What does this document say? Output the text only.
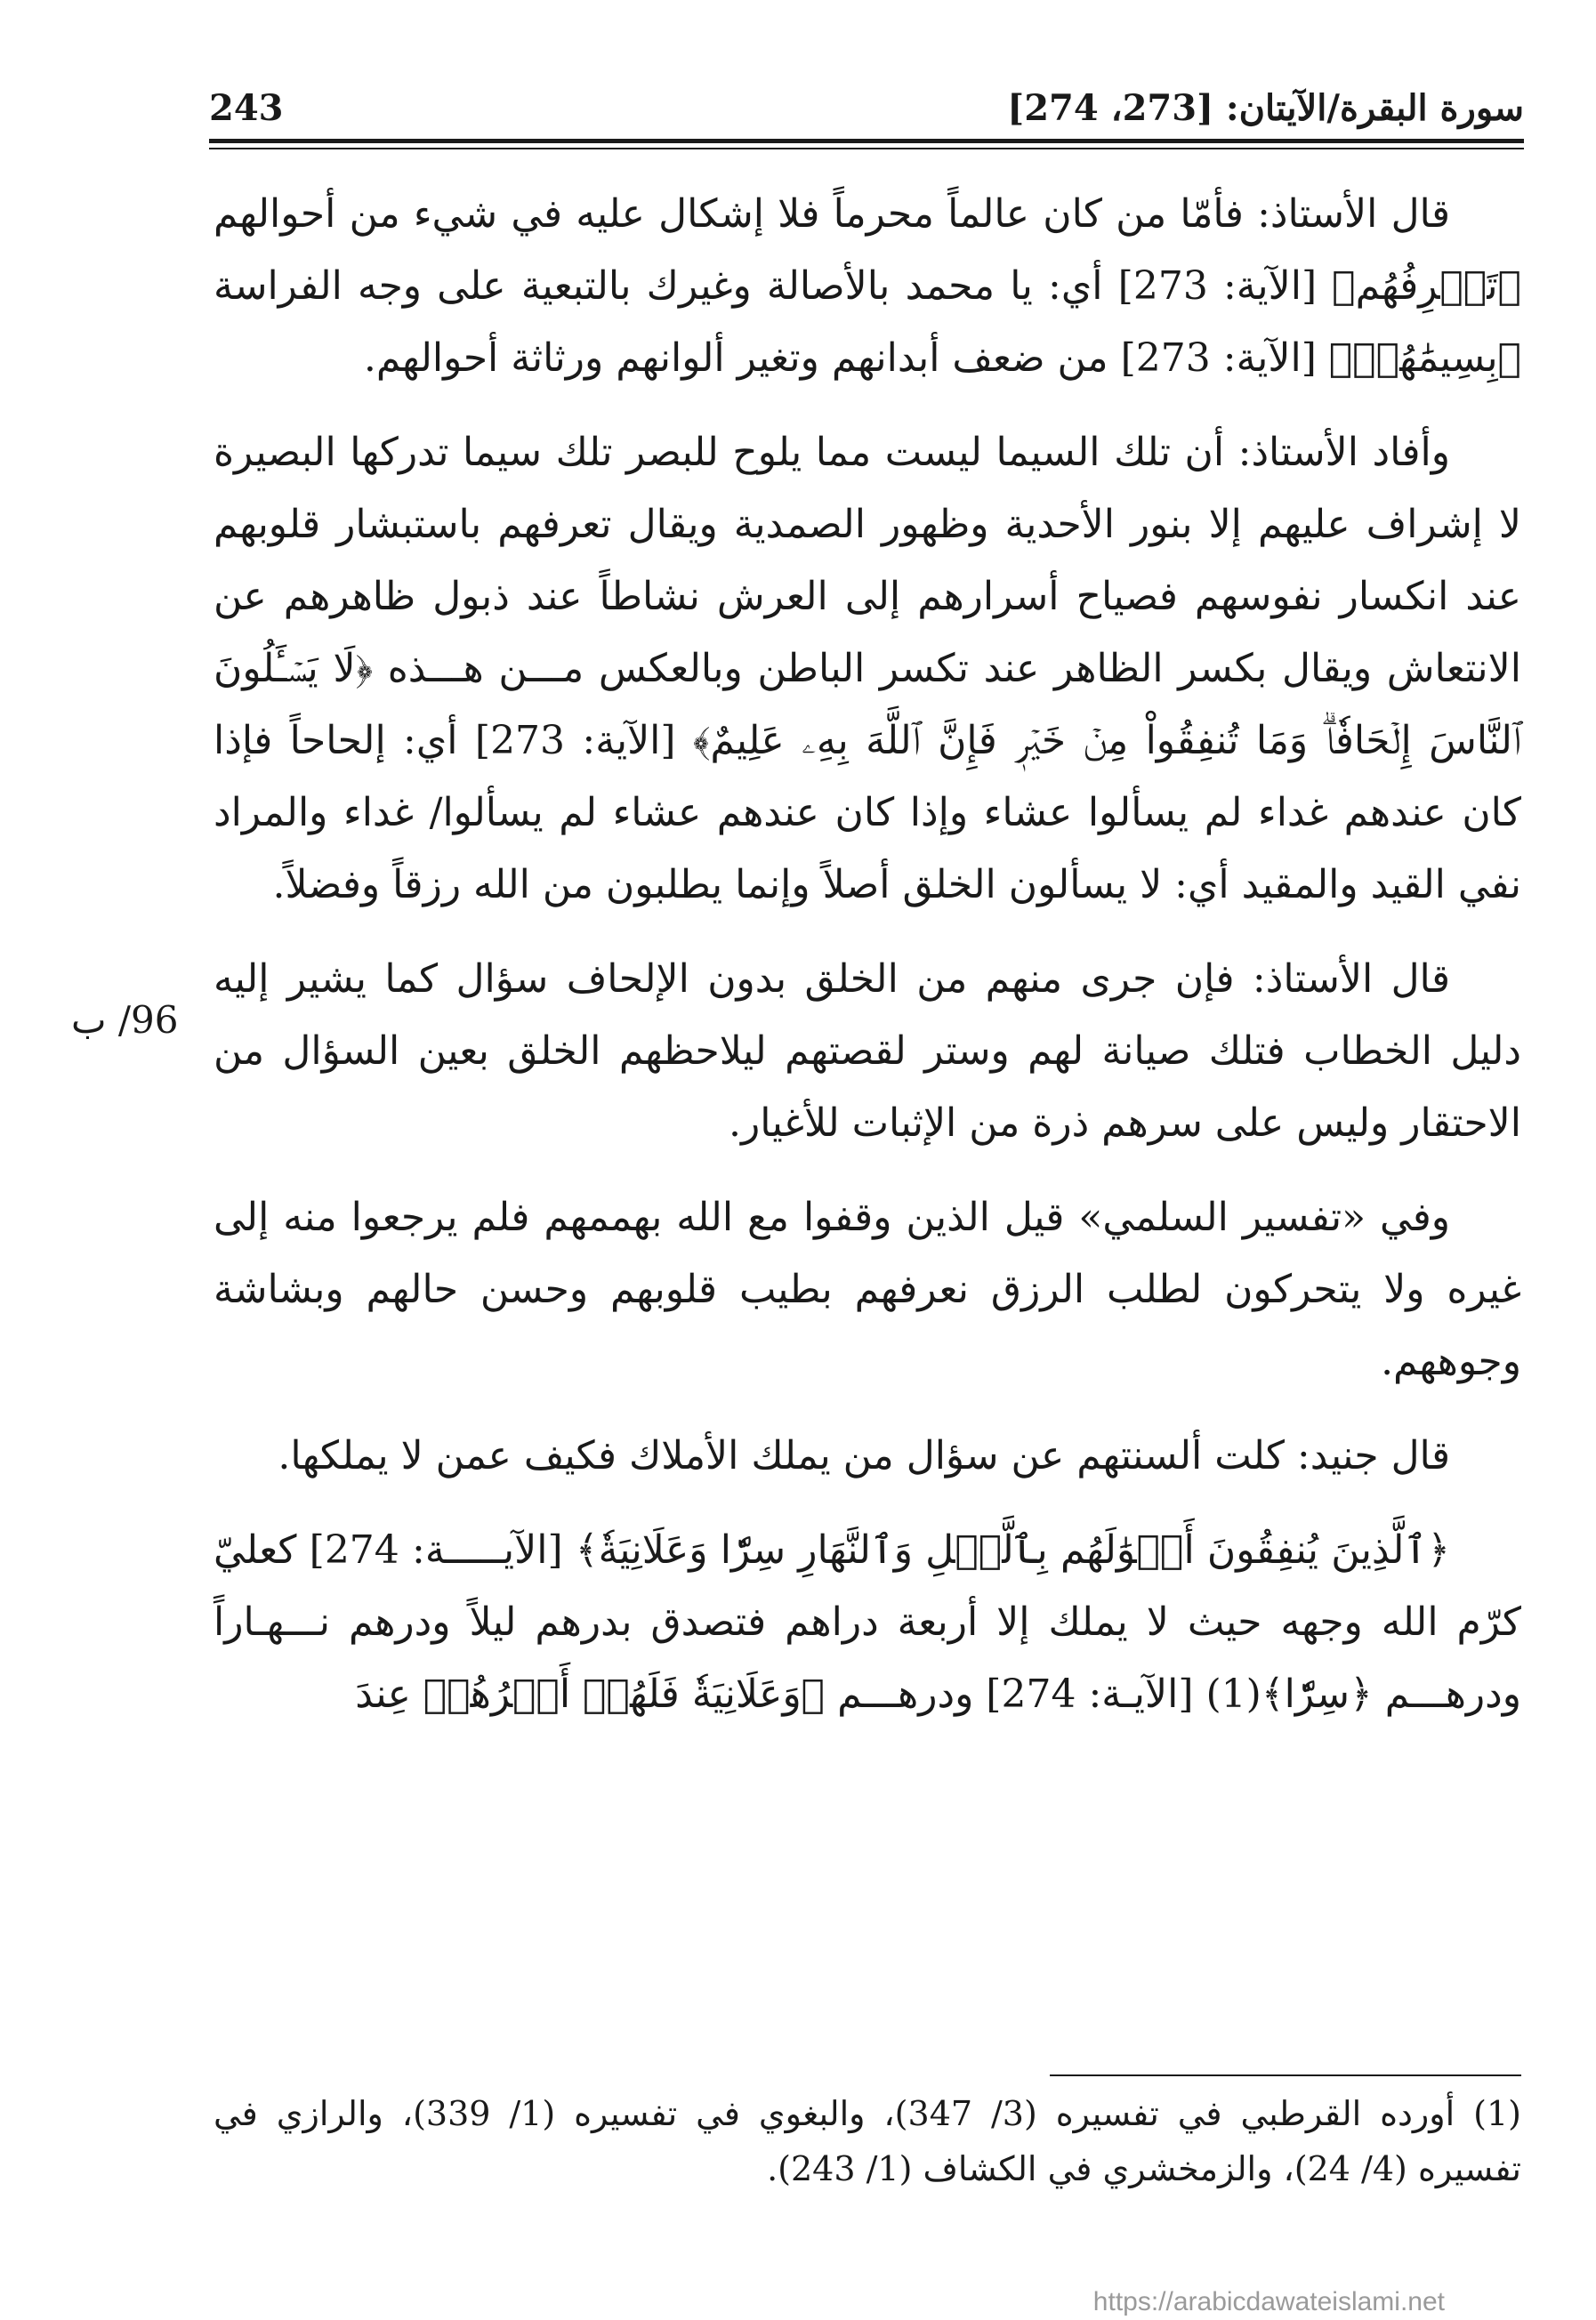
سورة البقرة/الآيتان: [273، 274]
243
96/ ب

قال الأستاذ: فأمّا من كان عالماً محرماً فلا إشكال عليه في شيء من أحوالهم ﴿تَعۡرِفُهُم﴾ [الآية: 273] أي: يا محمد بالأصالة وغيرك بالتبعية على وجه الفراسة ﴿بِسِيمَٰهُمۡ﴾ [الآية: 273] من ضعف أبدانهم وتغير ألوانهم ورثاثة أحوالهم.

وأفاد الأستاذ: أن تلك السيما ليست مما يلوح للبصر تلك سيما تدركها البصيرة لا إشراف عليهم إلا بنور الأحدية وظهور الصمدية ويقال تعرفهم باستبشار قلوبهم عند انكسار نفوسهم فصياح أسرارهم إلى العرش نشاطاً عند ذبول ظاهرهم عن الانتعاش ويقال بكسر الظاهر عند تكسر الباطن وبالعكس مـــن هـــذه ﴿لَا يَسۡـَٔلُونَ ٱلنَّاسَ إِلۡحَافٗاۗ وَمَا تُنفِقُواْ مِنۡ خَيۡرٖ فَإِنَّ ٱللَّهَ بِهِۦ عَلِيمٌ﴾ [الآية: 273] أي: إلحاحاً فإذا كان عندهم غداء لم يسألوا عشاء وإذا كان عندهم عشاء لم يسألوا/ غداء والمراد نفي القيد والمقيد أي: لا يسألون الخلق أصلاً وإنما يطلبون من الله رزقاً وفضلاً.

قال الأستاذ: فإن جرى منهم من الخلق بدون الإلحاف سؤال كما يشير إليه دليل الخطاب فتلك صيانة لهم وستر لقصتهم ليلاحظهم الخلق بعين السؤال من الاحتقار وليس على سرهم ذرة من الإثبات للأغيار.

وفي «تفسير السلمي» قيل الذين وقفوا مع الله بهممهم فلم يرجعوا منه إلى غيره ولا يتحركون لطلب الرزق نعرفهم بطيب قلوبهم وحسن حالهم وبشاشة وجوههم.

قال جنيد: كلت ألسنتهم عن سؤال من يملك الأملاك فكيف عمن لا يملكها.

﴿ٱلَّذِينَ يُنفِقُونَ أَمۡوَٰلَهُم بِٱلَّيۡلِ وَٱلنَّهَارِ سِرّٗا وَعَلَانِيَةٗ﴾ [الآيـــــة: 274] كعليّ كرّم الله وجهه حيث لا يملك إلا أربعة دراهم فتصدق بدرهم ليلاً ودرهم نـــهـاراً ودرهـــم ﴿سِرّٗا﴾(1) [الآيـة: 274] ودرهـــم ﴿وَعَلَانِيَةٗ فَلَهُمۡ أَجۡرُهُمۡ عِندَ

(1) أورده القرطبي في تفسيره (3/ 347)، والبغوي في تفسيره (1/ 339)، والرازي في تفسيره (4/ 24)، والزمخشري في الكشاف (1/ 243).

https://arabicdawateislami.net
